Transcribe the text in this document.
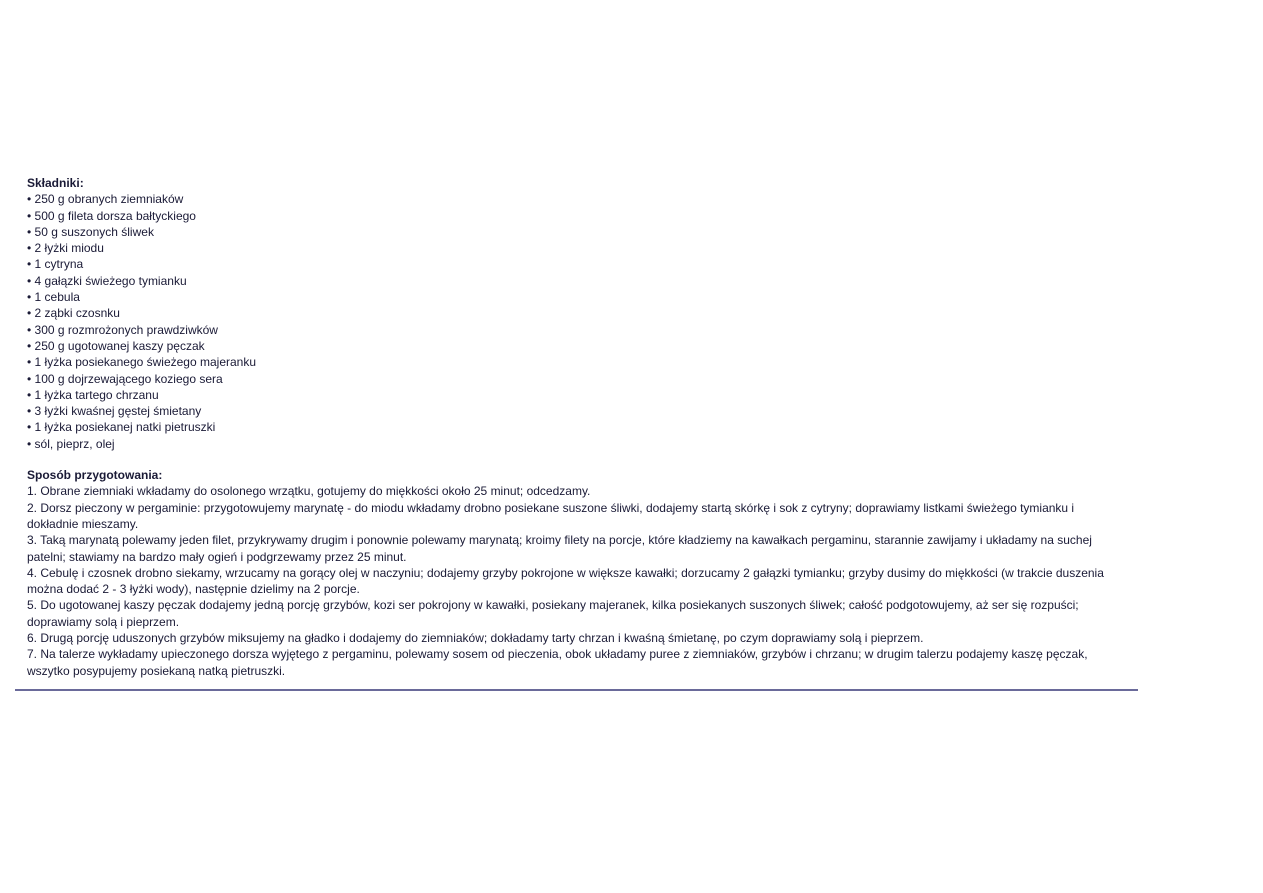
Składniki:

• 250 g obranych ziemniaków
• 500 g fileta dorsza bałtyckiego
• 50 g suszonych śliwek
• 2 łyżki miodu
• 1 cytryna
• 4 gałązki świeżego tymianku
• 1 cebula
• 2 ząbki czosnku
• 300 g rozmrożonych prawdziwków
• 250 g ugotowanej kaszy pęczak
• 1 łyżka posiekanego świeżego majeranku
• 100 g dojrzewającego koziego sera
• 1 łyżka tartego chrzanu
• 3 łyżki kwaśnej gęstej śmietany
• 1 łyżka posiekanej natki pietruszki
• sól, pieprz, olej

Sposób przygotowania:

1. Obrane ziemniaki wkładamy do osolonego wrzątku, gotujemy do miękkości około 25 minut; odcedzamy.
2. Dorsz pieczony w pergaminie: przygotowujemy marynatę - do miodu wkładamy drobno posiekane suszone śliwki, dodajemy startą skórkę i sok z cytryny; doprawiamy listkami świeżego tymianku i dokładnie mieszamy.
3. Taką marynatą polewamy jeden filet, przykrywamy drugim i ponownie polewamy marynatą; kroimy filety na porcje, które kładziemy na kawałkach pergaminu, starannie zawijamy i układamy na suchej patelni; stawiamy na bardzo mały ogień i podgrzewamy przez 25 minut.
4. Cebulę i czosnek drobno siekamy, wrzucamy na gorący olej w naczyniu; dodajemy grzyby pokrojone w większe kawałki; dorzucamy 2 gałązki tymianku; grzyby dusimy do miękkości (w trakcie duszenia można dodać 2 - 3 łyżki wody), następnie dzielimy na 2 porcje.
5. Do ugotowanej kaszy pęczak dodajemy jedną porcję grzybów, kozi ser pokrojony w kawałki, posiekany majeranek, kilka posiekanych suszonych śliwek; całość podgotowujemy, aż ser się rozpuści; doprawiamy solą i pieprzem.
6. Drugą porcję uduszonych grzybów miksujemy na gładko i dodajemy do ziemniaków; dokładamy tarty chrzan i kwaśną śmietanę, po czym doprawiamy solą i pieprzem.
7. Na talerze wykładamy upieczonego dorsza wyjętego z pergaminu, polewamy sosem od pieczenia, obok układamy puree z ziemniaków, grzybów i chrzanu; w drugim talerzu podajemy kaszę pęczak, wszytko posypujemy posiekaną natką pietruszki.
